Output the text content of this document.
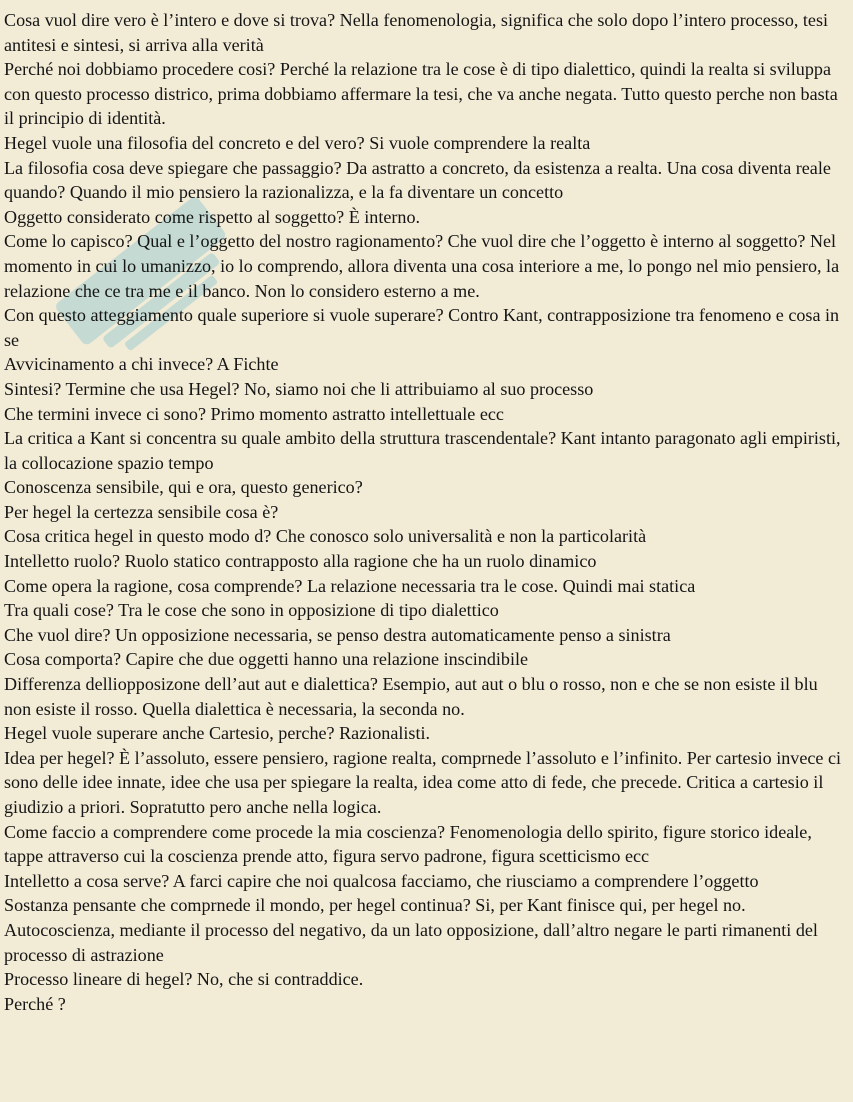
Cosa vuol dire vero è l’intero e dove si trova? Nella fenomenologia, significa che solo dopo l’intero processo, tesi antitesi e sintesi, si arriva alla verità

Perché noi dobbiamo procedere cosi? Perché la relazione tra le cose è di tipo dialettico, quindi la realta si sviluppa con questo processo districo, prima dobbiamo affermare la tesi, che va anche negata. Tutto questo perche non basta il principio di identità.

Hegel vuole una filosofia del concreto e del vero? Si vuole comprendere la realta

La filosofia cosa deve spiegare che passaggio? Da astratto a concreto, da esistenza a realta. Una cosa diventa reale quando? Quando il mio pensiero la razionalizza, e la fa diventare un concetto

Oggetto considerato come rispetto al soggetto? È interno.

Come lo capisco? Qual e l’oggetto del nostro ragionamento? Che vuol dire che l’oggetto è interno al soggetto? Nel momento in cui lo umanizzo, io lo comprendo, allora diventa una cosa interiore a me, lo pongo nel mio pensiero, la relazione che ce tra me e il banco. Non lo considero esterno a me.

Con questo atteggiamento quale superiore si vuole superare? Contro Kant, contrapposizione tra fenomeno e cosa in se

Avvicinamento a chi invece? A Fichte

Sintesi? Termine che usa Hegel? No, siamo noi che li attribuiamo al suo processo

Che termini invece ci sono? Primo momento astratto intellettuale ecc

La critica a Kant si concentra su quale ambito della struttura trascendentale? Kant intanto paragonato agli empiristi, la collocazione spazio tempo

Conoscenza sensibile, qui e ora, questo generico?

Per hegel la certezza sensibile cosa è?

Cosa critica hegel in questo modo d? Che conosco solo universalità e non la particolarità

Intelletto ruolo? Ruolo statico contrapposto alla ragione che ha un ruolo dinamico

Come opera la ragione, cosa comprende? La relazione necessaria tra le cose. Quindi mai statica

Tra quali cose? Tra le cose che sono in opposizione di tipo dialettico

Che vuol dire? Un opposizione necessaria, se penso destra automaticamente penso a sinistra

Cosa comporta? Capire che due oggetti hanno una relazione inscindibile

Differenza delliopposizone dell’aut aut e dialettica? Esempio, aut aut o blu o rosso, non e che se non esiste il blu non esiste il rosso. Quella dialettica è necessaria, la seconda no.

Hegel vuole superare anche Cartesio, perche? Razionalisti.

Idea per hegel? È l’assoluto, essere pensiero, ragione realta, comprnede l’assoluto e l’infinito. Per cartesio invece ci sono delle idee innate, idee che usa per spiegare la realta, idea come atto di fede, che precede. Critica a cartesio il giudizio a priori. Sopratutto pero anche nella logica.

Come faccio a comprendere come procede la mia coscienza? Fenomenologia dello spirito, figure storico ideale, tappe attraverso cui la coscienza prende atto, figura servo padrone, figura scetticismo ecc

Intelletto a cosa serve? A farci capire che noi qualcosa facciamo, che riusciamo a comprendere l’oggetto

Sostanza pensante che comprnede il mondo, per hegel continua? Si, per Kant finisce qui, per hegel no. Autocoscienza, mediante il processo del negativo, da un lato opposizione, dall’altro negare le parti rimanenti del processo di astrazione

Processo lineare di hegel? No, che si contraddice.

Perché ?
